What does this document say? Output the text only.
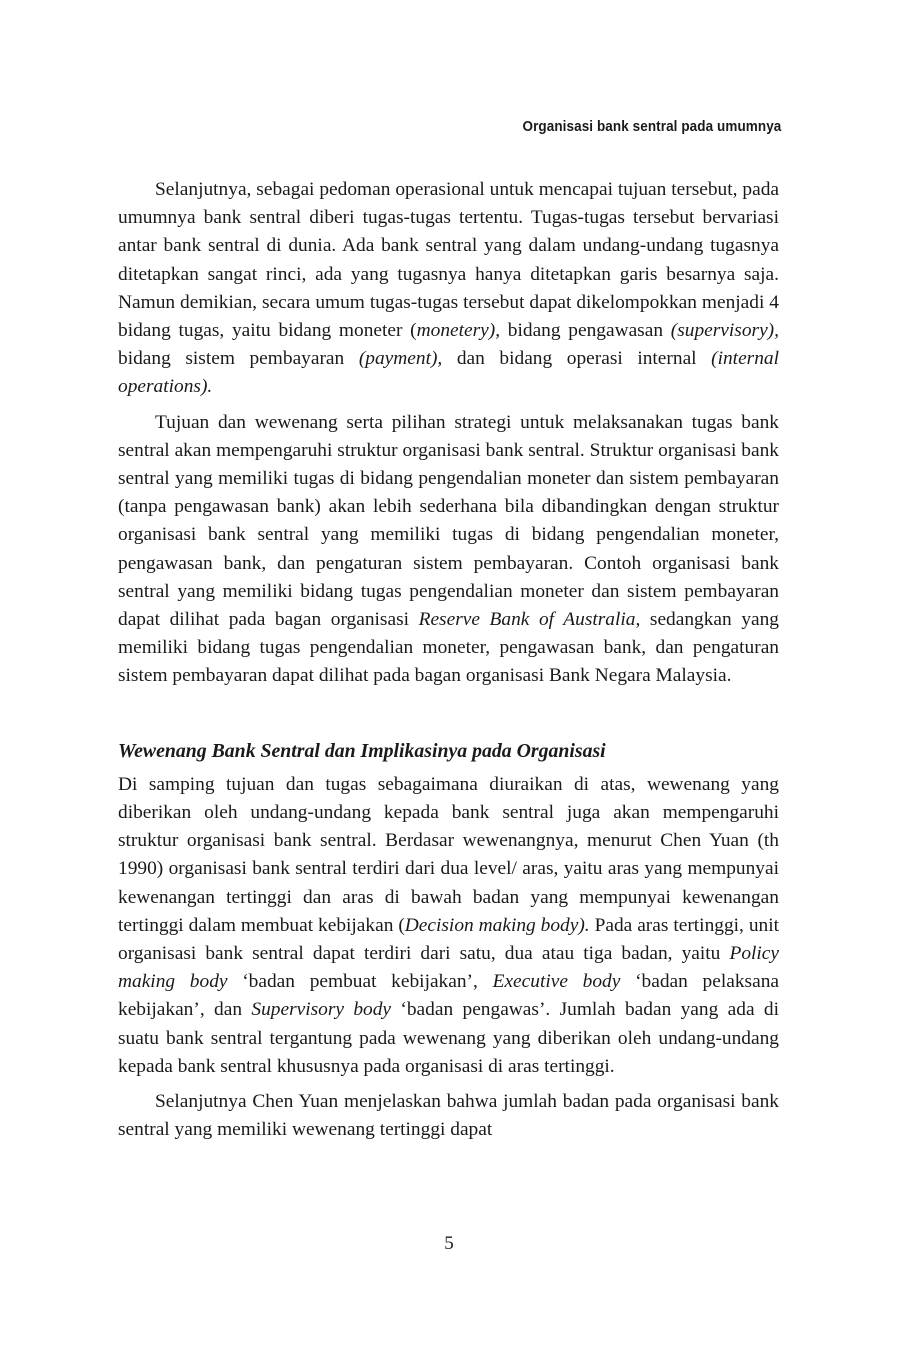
Organisasi bank sentral pada umumnya

Selanjutnya, sebagai pedoman operasional untuk mencapai tujuan tersebut, pada umumnya bank sentral diberi tugas-tugas tertentu. Tugas-tugas tersebut bervariasi antar bank sentral di dunia. Ada bank sentral yang dalam undang-undang tugasnya ditetapkan sangat rinci, ada yang tugasnya hanya ditetapkan garis besarnya saja. Namun demikian, secara umum tugas-tugas tersebut dapat dikelompokkan menjadi 4 bidang tugas, yaitu bidang moneter (monetery), bidang pengawasan (supervisory), bidang sistem pembayaran (payment), dan bidang operasi internal (internal operations).

Tujuan dan wewenang serta pilihan strategi untuk melaksanakan tugas bank sentral akan mempengaruhi struktur organisasi bank sentral. Struktur organisasi bank sentral yang memiliki tugas di bidang pengendalian moneter dan sistem pembayaran (tanpa pengawasan bank) akan lebih sederhana bila dibandingkan dengan struktur organisasi bank sentral yang memiliki tugas di bidang pengendalian moneter, pengawasan bank, dan pengaturan sistem pembayaran. Contoh organisasi bank sentral yang memiliki bidang tugas pengendalian moneter dan sistem pembayaran dapat dilihat pada bagan organisasi Reserve Bank of Australia, sedangkan yang memiliki bidang tugas pengendalian moneter, pengawasan bank, dan pengaturan sistem pembayaran dapat dilihat pada bagan organisasi Bank Negara Malaysia.

Wewenang Bank Sentral dan Implikasinya pada Organisasi

Di samping tujuan dan tugas sebagaimana diuraikan di atas, wewenang yang diberikan oleh undang-undang kepada bank sentral juga akan mempengaruhi struktur organisasi bank sentral. Berdasar wewenangnya, menurut Chen Yuan (th 1990) organisasi bank sentral terdiri dari dua level/ aras, yaitu aras yang mempunyai kewenangan tertinggi dan aras di bawah badan yang mempunyai kewenangan tertinggi dalam membuat kebijakan (Decision making body). Pada aras tertinggi, unit organisasi bank sentral dapat terdiri dari satu, dua atau tiga badan, yaitu Policy making body ‘badan pembuat kebijakan’, Executive body ‘badan pelaksana kebijakan’, dan Supervisory body ‘badan pengawas’. Jumlah badan yang ada di suatu bank sentral tergantung pada wewenang yang diberikan oleh undang-undang kepada bank sentral khususnya pada organisasi di aras tertinggi.

Selanjutnya Chen Yuan menjelaskan bahwa jumlah badan pada organisasi bank sentral yang memiliki wewenang tertinggi dapat

5
